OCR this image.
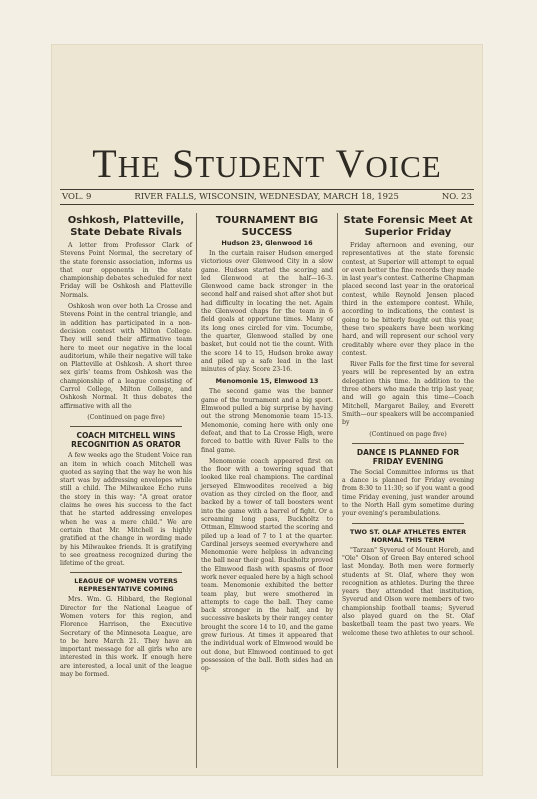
THE STUDENT VOICE
VOL. 9	RIVER FALLS, WISCONSIN, WEDNESDAY, MARCH 18, 1925	NO. 23
Oshkosh, Platteville, State Debate Rivals

A letter from Professor Clark of Stevens Point Normal, the secretary of the state forensic association, informs us that our opponents in the state championship debates scheduled for next Friday will be Oshkosh and Platteville Normals.

Oshkosh won over both La Crosse and Stevens Point in the central triangle, and in addition has participated in a non-decision contest with Milton College. They will send their affirmative team here to meet our negative in the local auditorium, while their negative will take on Platteville at Oshkosh. A short three sex girls' teams from Oshkosh was the championship of a league consisting of Carrol College, Milton College, and Oshkosh Normal. It thus debates the affirmative with all the

(Continued on page five)
COACH MITCHELL WINS RECOGNITION AS ORATOR

A few weeks ago the Student Voice ran an item in which coach Mitchell was quoted as saying that the way he won his start was by addressing envelopes while still a child. The Milwaukee Echo runs the story in this way: "A great orator claims he owes his success to the fact that he started addressing envelopes when he was a mere child." We are certain that Mr. Mitchell is highly gratified at the change in wording made by his Milwaukee friends. It is gratifying to see greatness recognized during the lifetime of the great.

LEAGUE OF WOMEN VOTERS REPRESENTATIVE COMING

Mrs. Wm. G. Hibbard, the Regional Director for the National League of Women voters for this region, and Florence Harrison, the Executive Secretary of the Minnesota League, are to be here March 21. They have an important message for all girls who are interested in this work. If enough here are interested, a local unit of the league may be formed.

TOURNAMENT BIG SUCCESS
Hudson 23, Glenwood 16

In the curtain raiser Hudson emerged victorious over Glenwood City in a slow game. Hudson started the scoring and led Glenwood at the half—16-3. Glenwood came back stronger in the second half and raised shot after shot but had difficulty in locating the net. Again the Glenwood chaps for the team in 6 field goals at opportune times. Many of its long ones circled for vim. Tocumbe, the quarter, Glenwood stalled by one basket, but could not tie the count. With the score 14 to 15, Hudson broke away and piled up a safe lead in the last minutes of play. Score 23-16.

Menomonie 15, Elmwood 13

The second game was the banner game of the tournament and a big sport. Elmwood pulled a big surprise by having out the strong Menomonie team 15-13. Menomonie, coming here with only one defeat, and that to La Crosse High, were forced to battle with River Falls to the final game.

Menomonie coach appeared first on the floor with a towering squad that looked like real champions. The cardinal jerseyed Elmwoodites received a big ovation as they circled on the floor, and backed by a tower of tall boosters went into the game with a barrel of fight. Or a screaming long pass, Buckholtz to Ottman, Elmwood started the scoring and piled up a lead of 7 to 1 at the quarter. Cardinal jerseys seemed everywhere and Menomonie were helpless in advancing the ball near their goal. Buckholtz proved the Elmwood flash with spasms of floor work never equaled here by a high school team. Menomonie exhibited the better team play, but were smothered in attempts to cage the ball. They came back stronger in the half, and by successive baskets by their rangey center brought the score 14 to 10, and the game grew furious. At times it appeared that the individual work of Elmwood would be out done, but Elmwood continued to get possession of the ball. Both sides had an op-

State Forensic Meet At Superior Friday

Friday afternoon and evening, our representatives at the state forensic contest, at Superior will attempt to equal or even better the fine records they made in last year's contest. Catherine Chapman placed second last year in the oratorical contest, while Reynold Jensen placed third in the extempore contest. While, according to indications, the contest is going to be bitterly fought out this year, these two speakers have been working hard, and will represent our school very creditably where ever they place in the contest.

River Falls for the first time for several years will be represented by an extra delegation this time. In addition to the three others who made the trip last year, and will go again this time—Coach Mitchell, Margaret Bailey, and Everett Smith—our speakers will be accompanied by

(Continued on page five)
DANCE IS PLANNED FOR FRIDAY EVENING

The Social Committee informs us that a dance is planned for Friday evening from 8:30 to 11:30; so if you want a good time Friday evening, just wander around to the North Hall gym sometime during your evening's perambulations.

TWO ST. OLAF ATHLETES ENTER NORMAL THIS TERM

"Tarzan" Syverud of Mount Horeb, and "Ole" Olson of Green Bay entered school last Monday. Both men were formerly students at St. Olaf, where they won recognition as athletes. During the three years they attended that institution, Syverud and Olson were members of two championship football teams; Syverud also played guard on the St. Olaf basketball team the past two years. We welcome these two athletes to our school.
